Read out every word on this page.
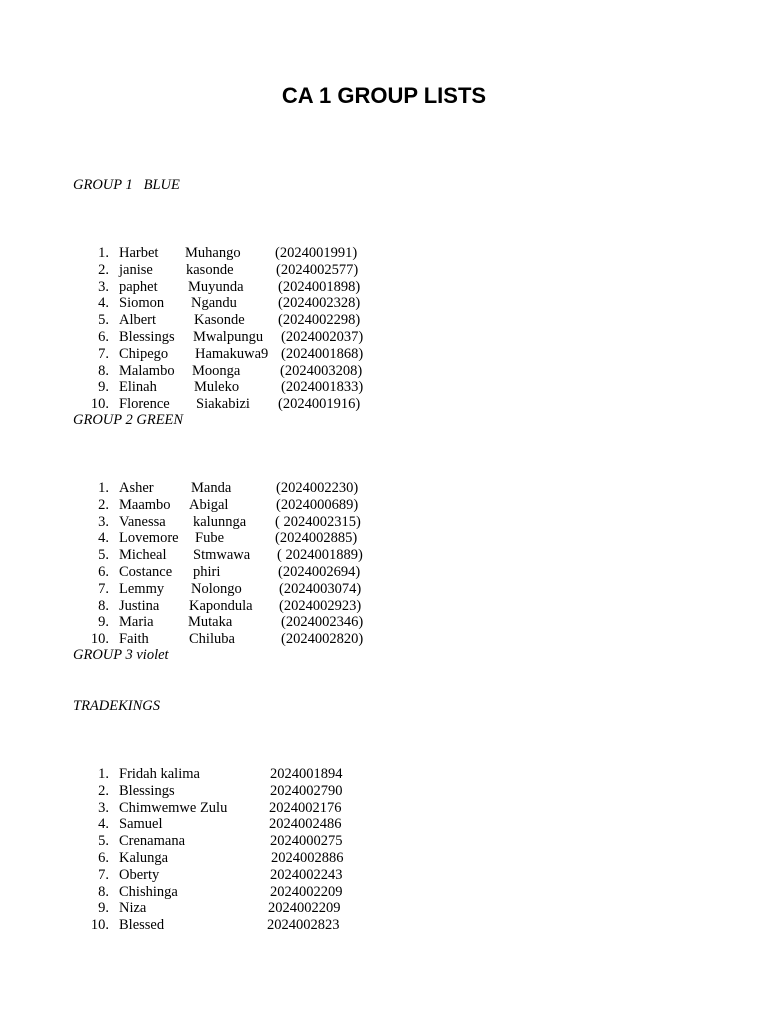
CA 1 GROUP LISTS

GROUP 1   BLUE

1. Harbet Muhango (2024001991)
2. janise kasonde	(2024002577)
3. paphet Muyunda (2024001898)
4. Siomon Ngandu	(2024002328)
5. Albert	Kasonde (2024002298)
6. Blessings Mwalpungu (2024002037)
7. Chipego Hamakuwa9 (2024001868)
8. Malambo Moonga	(2024003208)
9. Elinah	Muleko	(2024001833)
10. Florence Siakabizi (2024001916)

GROUP 2 GREEN

1. Asher	Manda	(2024002230)
2. Maambo Abigal	(2024000689)
3. Vanessa kalunnga ( 2024002315)
4. Lovemore Fube	(2024002885)
5. Micheal Stmwawa ( 2024001889)
6. Costance phiri	(2024002694)
7. Lemmy Nolongo	(2024003074)
8. Justina Kapondula (2024002923)
9. Maria Mutaka	(2024002346)
10. Faith	Chiluba	(2024002820)

GROUP 3 violet

TRADEKINGS

1. Fridah kalima	2024001894
2. Blessings	2024002790
3. Chimwemwe Zulu	2024002176
4. Samuel	2024002486
5. Crenamana	2024000275
6. Kalunga	2024002886
7. Oberty	2024002243
8. Chishinga	2024002209
9. Niza	2024002209
10. Blessed	2024002823
